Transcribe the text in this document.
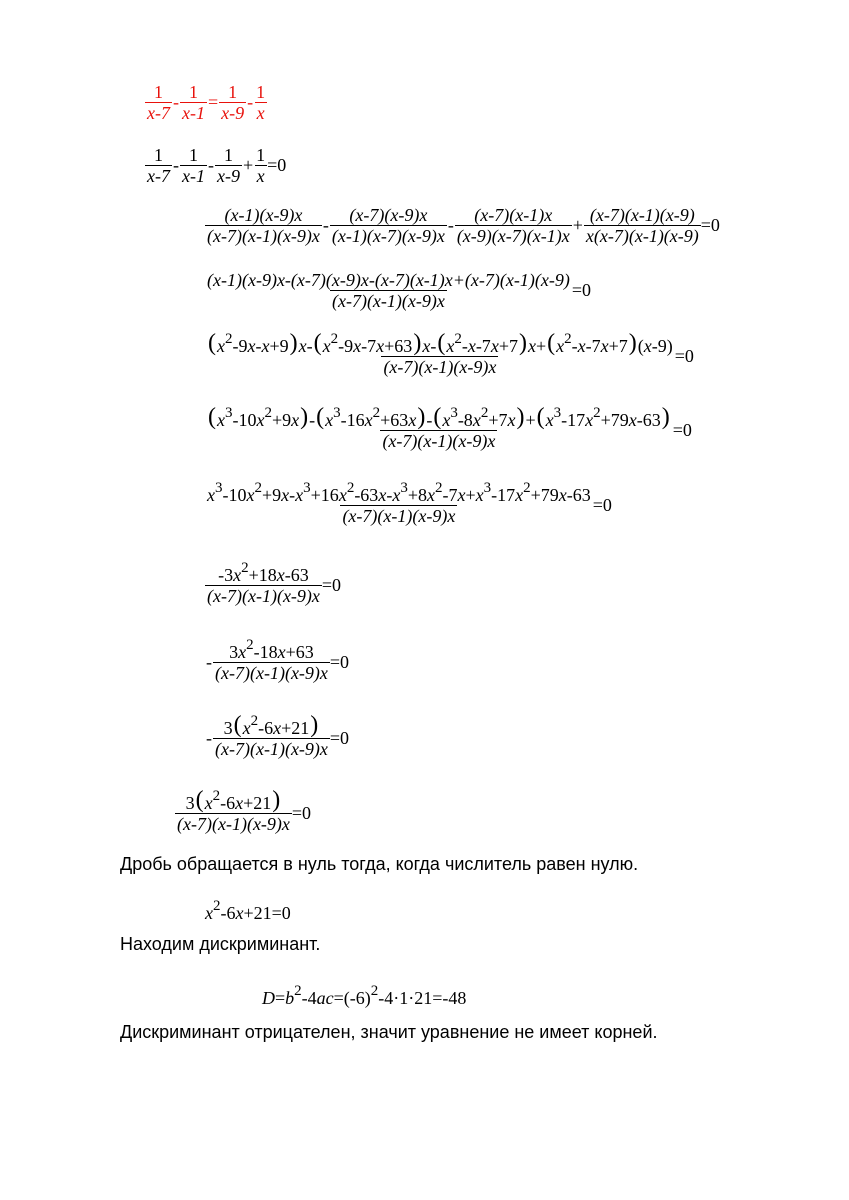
$\frac{1}{x-7} - \frac{1}{x-1} = \frac{1}{x-9} - \frac{1}{x}$
$\frac{1}{x-7} - \frac{1}{x-1} - \frac{1}{x-9} + \frac{1}{x} =0$
$\frac{(x-1)(x-9)x}{(x-7)(x-1)(x-9)x} - \frac{(x-7)(x-9)x}{(x-1)(x-7)(x-9)x} - \frac{(x-7)(x-1)x}{(x-9)(x-7)(x-1)x} + \frac{(x-7)(x-1)(x-9)}{x(x-7)(x-1)(x-9)} =0$
$\frac{(x-1)(x-9)x-(x-7)(x-9)x-(x-7)(x-1)x+(x-7)(x-1)(x-9)}{(x-7)(x-1)(x-9)x} =0$
$\frac{(x^2-9x-x+9)x-(x^2-9x-7x+63)x-(x^2-x-7x+7)x+(x^2-x-7x+7)(x-9)}{(x-7)(x-1)(x-9)x} =0$
$\frac{(x^3-10x^2+9x)-(x^3-16x^2+63x)-(x^3-8x^2+7x)+(x^3-17x^2+79x-63)}{(x-7)(x-1)(x-9)x} =0$
$\frac{x^3-10x^2+9x-x^3+16x^2-63x-x^3+8x^2-7x+x^3-17x^2+79x-63}{(x-7)(x-1)(x-9)x} =0$
$\frac{-3x^2+18x-63}{(x-7)(x-1)(x-9)x} =0$
- $\frac{3x^2-18x+63}{(x-7)(x-1)(x-9)x} =0$
- $\frac{3(x^2-6x+21)}{(x-7)(x-1)(x-9)x} =0$
$\frac{3(x^2-6x+21)}{(x-7)(x-1)(x-9)x} =0$
Дробь обращается в нуль тогда, когда числитель равен нулю.
$x^2-6x+21 =0$
Находим дискриминант.
$D=b^2-4ac=(-6)^2-4\cdot 1\cdot 21 =-48$
Дискриминант отрицателен, значит уравнение не имеет корней.
